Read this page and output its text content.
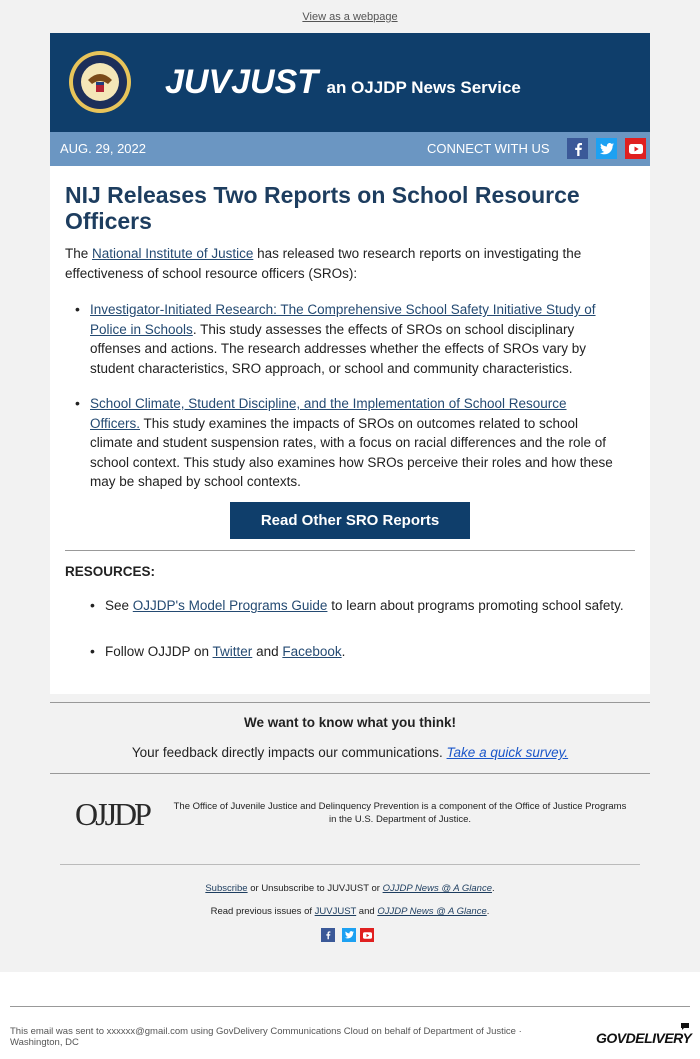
View as a webpage
JUVJUST an OJJDP News Service
AUG. 29, 2022	CONNECT WITH US
NIJ Releases Two Reports on School Resource Officers

The National Institute of Justice has released two research reports on investigating the effectiveness of school resource officers (SROs):

• Investigator-Initiated Research: The Comprehensive School Safety Initiative Study of Police in Schools. This study assesses the effects of SROs on school disciplinary offenses and actions. The research addresses whether the effects of SROs vary by student characteristics, SRO approach, or school and community characteristics.
• School Climate, Student Discipline, and the Implementation of School Resource Officers. This study examines the impacts of SROs on outcomes related to school climate and student suspension rates, with a focus on racial differences and the role of school context. This study also examines how SROs perceive their roles and how these may be shaped by school contexts.
Read Other SRO Reports
RESOURCES:
• See OJJDP's Model Programs Guide to learn about programs promoting school safety.
• Follow OJJDP on Twitter and Facebook.
We want to know what you think!
Your feedback directly impacts our communications. Take a quick survey.
OJJDP	The Office of Juvenile Justice and Delinquency Prevention is a component of the Office of Justice Programs in the U.S. Department of Justice.
Subscribe or Unsubscribe to JUVJUST or OJJDP News @ A Glance.
Read previous issues of JUVJUST and OJJDP News @ A Glance.
This email was sent to xxxxxx@gmail.com using GovDelivery Communications Cloud on behalf of Department of Justice · Washington, DC	GOVDELIVERY
